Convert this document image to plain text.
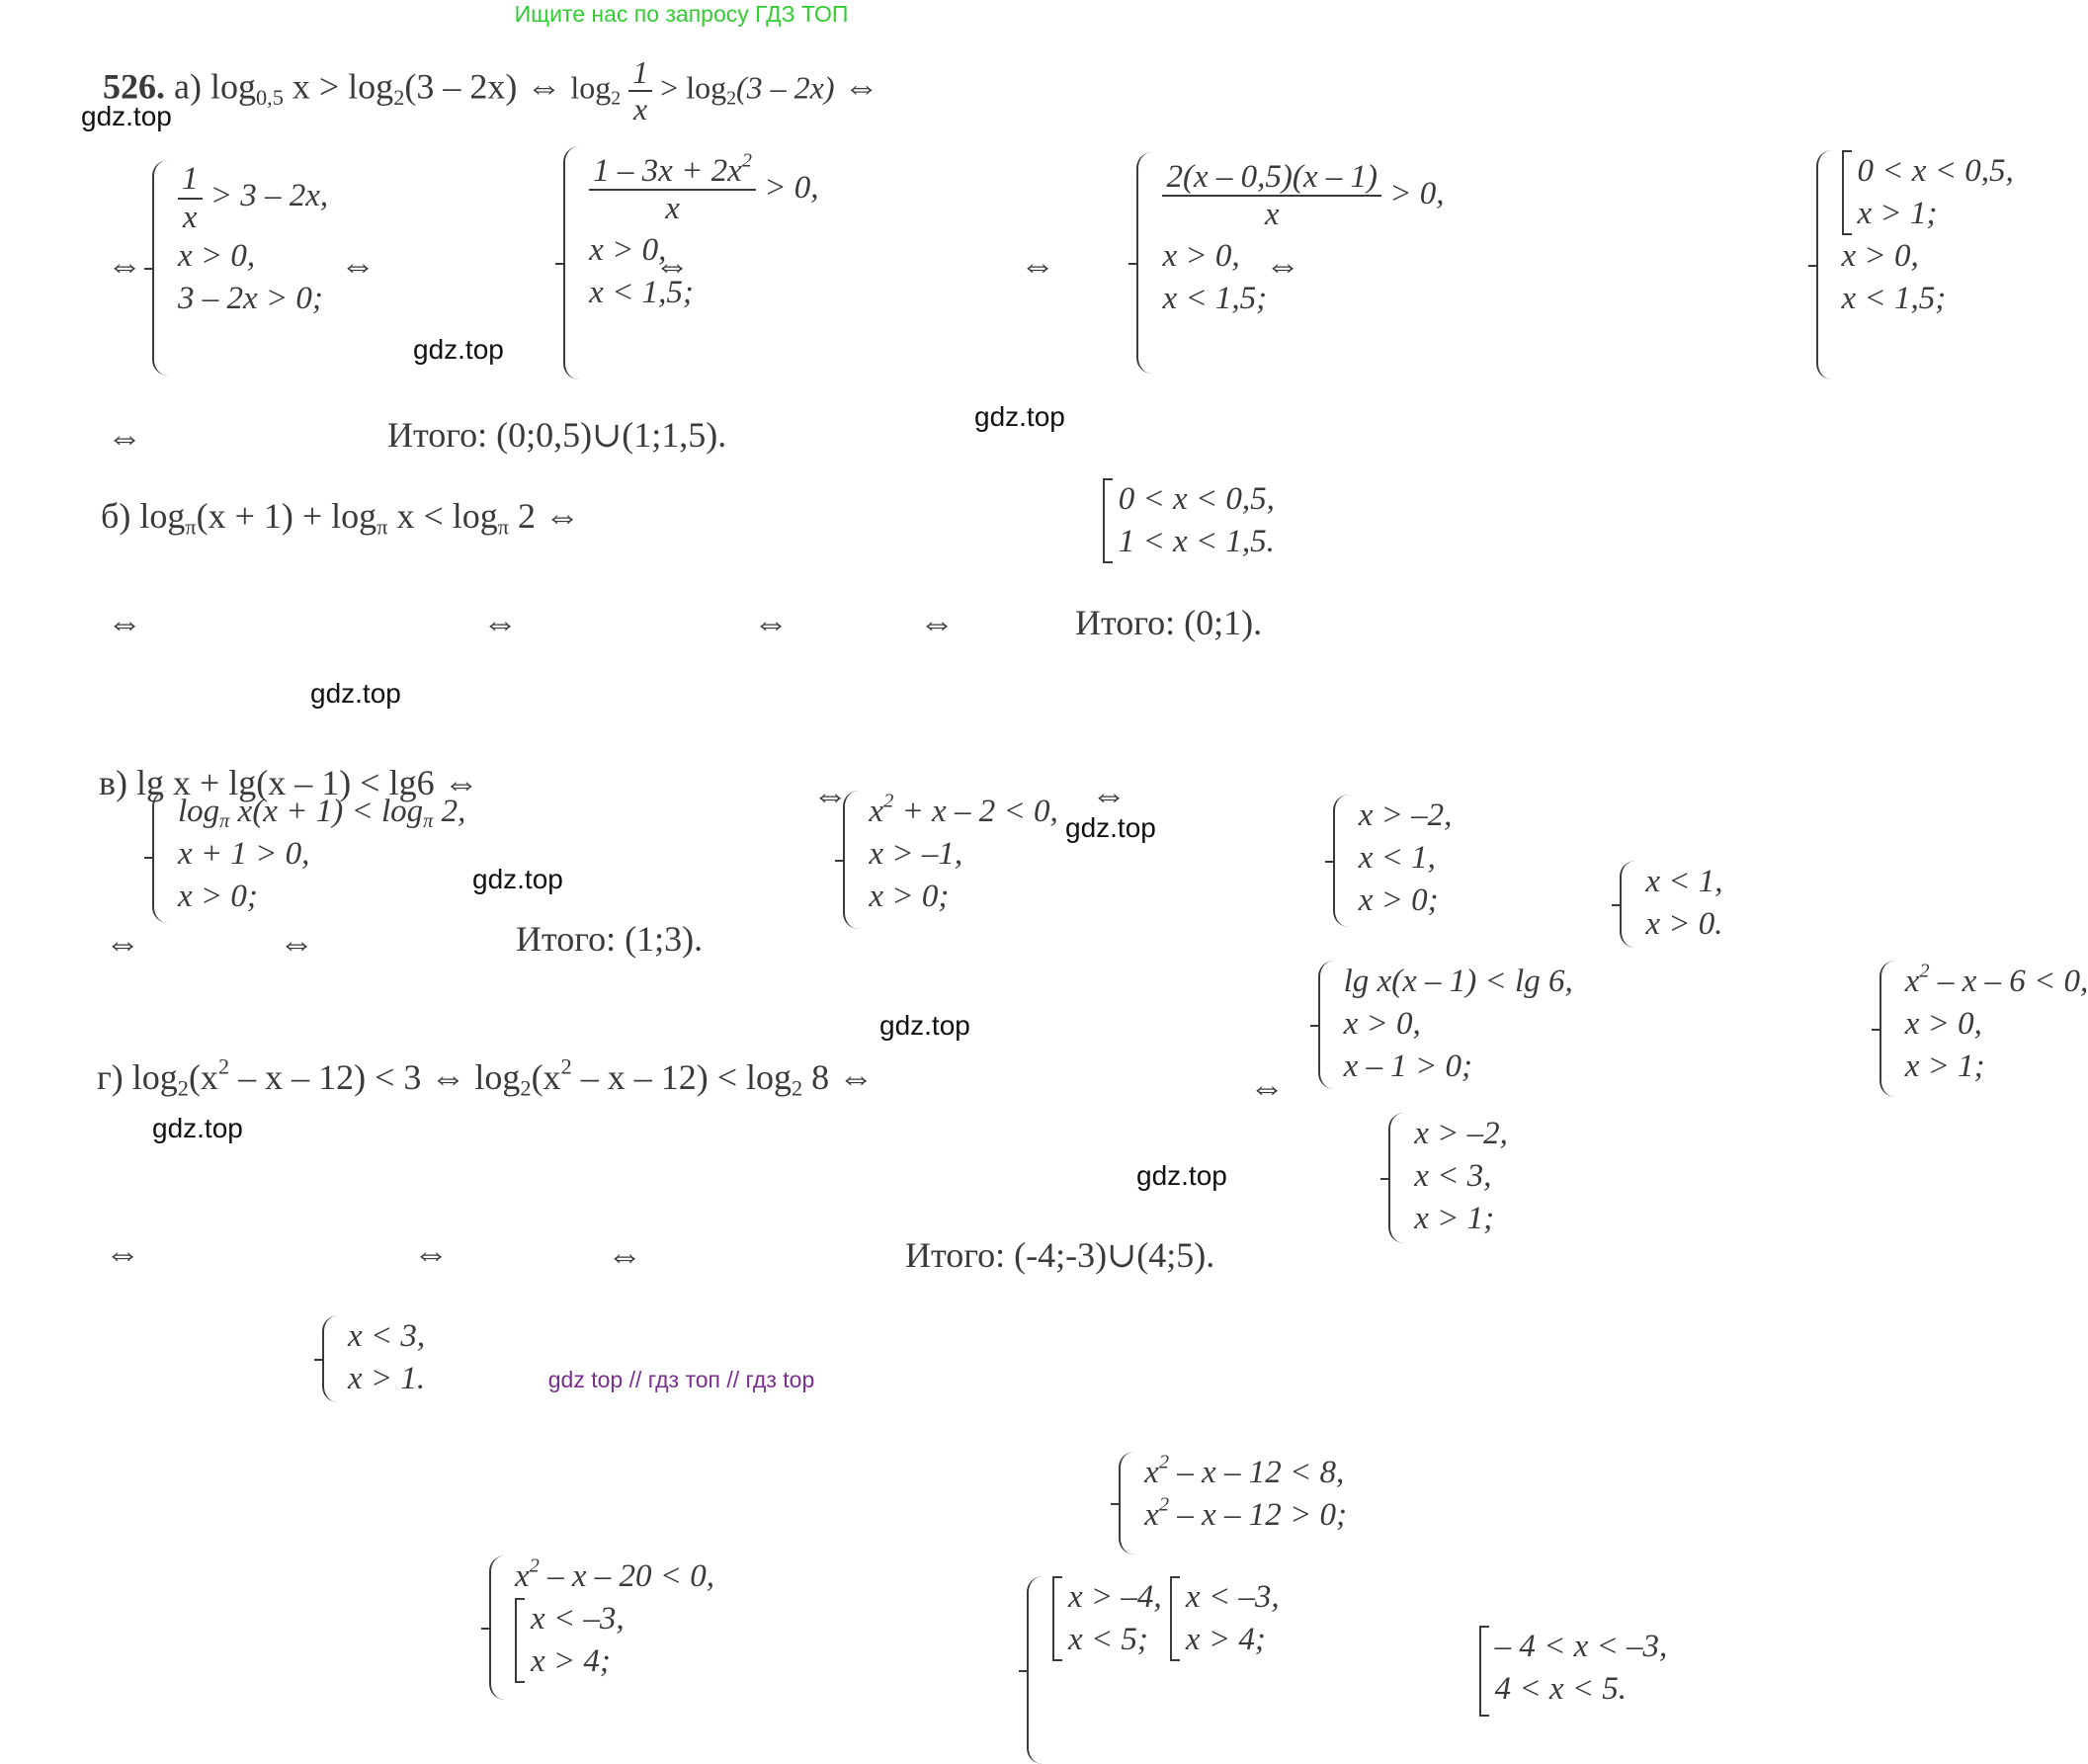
Ищите нас по запросу ГДЗ ТОП
526. а) $\log_{0,5} x > \log_2(3 - 2x)$ ⇔ $\log_2 \frac{1}{x} > \log_2(3 - 2x)$ ⇔
gdz.top
⇔
$\frac{1}{x} > 3 - 2x$,
x > 0,
3 – 2x > 0;

⇔
$\frac{1 - 3x + 2x^2}{x} > 0$,
x > 0,
x < 1,5;

gdz.top
⇔
$\frac{2(x - 0,5)(x - 1)}{x} > 0$,
x > 0,
x < 1,5;

⇔
0 < x < 0,5,
x > 1;
x > 0,
x < 1,5;

⇔
⇔
0 < x < 0,5,
1 < x < 1,5.

Итого: (0;0,5)∪(1;1,5).	gdz.top
б) $\log_\pi(x + 1) + \log_\pi x < \log_\pi 2$ ⇔
⇔
$\log_\pi x(x + 1) < \log_\pi 2$,
x + 1 > 0,
x > 0;

gdz.top
⇔
$x^2 + x - 2 < 0$,
x > –1,
x > 0;

⇔
x > –2,
x < 1,
x > 0;

⇔
x < 1,
x > 0.

Итого: (0;1).
в) lg x + lg(x – 1) < lg6 ⇔
lg x(x – 1) < lg 6,
x > 0,
x – 1 > 0;

⇔
$x^2 - x - 6 < 0$,
x > 0,
x > 1;

⇔
gdz.top
gdz.top
⇔
x > –2,
x < 3,
x > 1;

⇔
x < 3,
x > 1.

Итого: (1;3).
gdz.top
г) $\log_2(x^2 - x - 12) < 3$ ⇔ $\log_2(x^2 - x - 12) < \log_2 8$ ⇔
$x^2 - x - 12 < 8$,
$x^2 - x - 12 > 0$;

⇔
gdz.top
gdz.top
⇔
$x^2 - x - 20 < 0$,
x < –3,
x > 4;

⇔
x > –4,
x < 5;

x < –3,
x > 4;

⇔
– 4 < x < –3,
4 < x < 5.
Итого: (-4;-3)∪(4;5).
gdz top // гдз топ // гдз top
